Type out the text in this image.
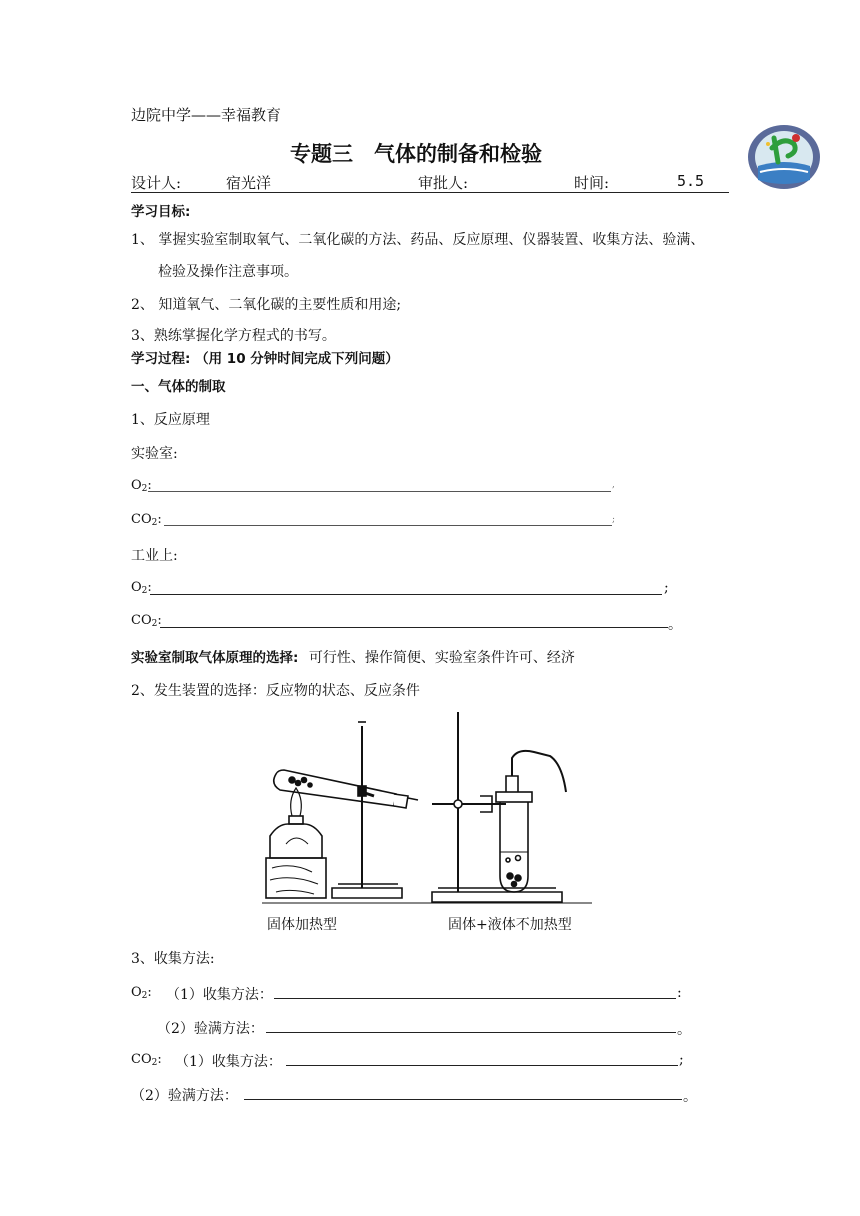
边院中学——幸福教育
专题三　气体的制备和检验
设计人:	宿光洋	审批人:	时间:	5.5
学习目标:
1、 掌握实验室制取氧气、二氧化碳的方法、药品、反应原理、仪器装置、收集方法、验满、
检验及操作注意事项。
2、 知道氧气、二氧化碳的主要性质和用途;
3、熟练掌握化学方程式的书写。
学习过程: （用 10 分钟时间完成下列问题）
一、气体的制取
1、反应原理
实验室:
$O_2$:	,
$CO_2$:	;
工业上:
$O_2$:	;
$CO_2$:	。
实验室制取气体原理的选择: 可行性、操作简便、实验室条件许可、经济
2、发生装置的选择：反应物的状态、反应条件
固体加热型	固体+液体不加热型
3、收集方法:
$O_2$: （1）收集方法：	:
（2）验满方法：	。
$CO_2$: （1）收集方法：	;
（2）验满方法：	。
